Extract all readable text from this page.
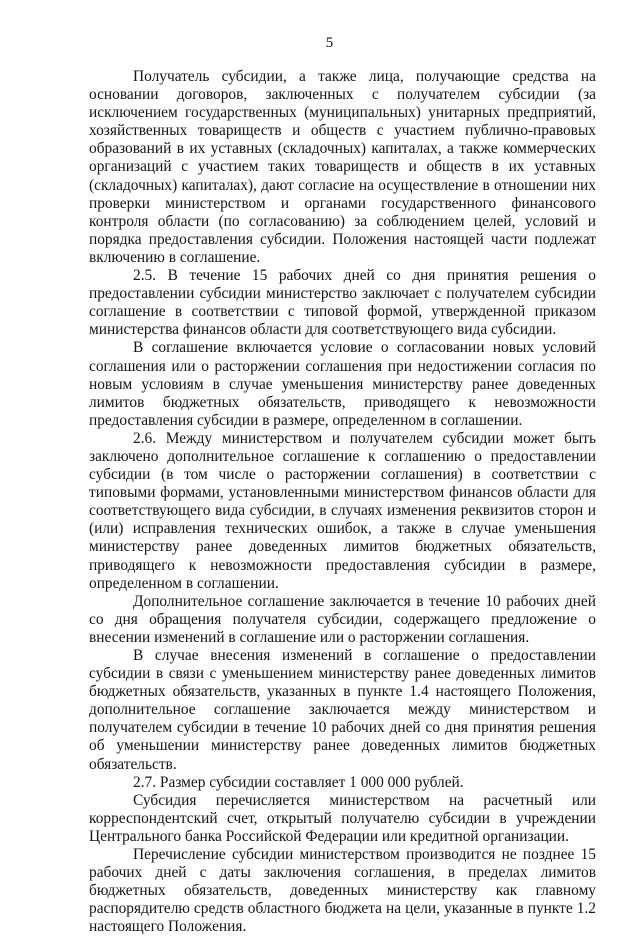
5

Получатель субсидии, а также лица, получающие средства на основании договоров, заключенных с получателем субсидии (за исключением государственных (муниципальных) унитарных предприятий, хозяйственных товариществ и обществ с участием публично-правовых образований в их уставных (складочных) капиталах, а также коммерческих организаций с участием таких товариществ и обществ в их уставных (складочных) капиталах), дают согласие на осуществление в отношении них проверки министерством и органами государственного финансового контроля области (по согласованию) за соблюдением целей, условий и порядка предоставления субсидии. Положения настоящей части подлежат включению в соглашение.

2.5. В течение 15 рабочих дней со дня принятия решения о предоставлении субсидии министерство заключает с получателем субсидии соглашение в соответствии с типовой формой, утвержденной приказом министерства финансов области для соответствующего вида субсидии.

В соглашение включается условие о согласовании новых условий соглашения или о расторжении соглашения при недостижении согласия по новым условиям в случае уменьшения министерству ранее доведенных лимитов бюджетных обязательств, приводящего к невозможности предоставления субсидии в размере, определенном в соглашении.

2.6. Между министерством и получателем субсидии может быть заключено дополнительное соглашение к соглашению о предоставлении субсидии (в том числе о расторжении соглашения) в соответствии с типовыми формами, установленными министерством финансов области для соответствующего вида субсидии, в случаях изменения реквизитов сторон и (или) исправления технических ошибок, а также в случае уменьшения министерству ранее доведенных лимитов бюджетных обязательств, приводящего к невозможности предоставления субсидии в размере, определенном в соглашении.

Дополнительное соглашение заключается в течение 10 рабочих дней со дня обращения получателя субсидии, содержащего предложение о внесении изменений в соглашение или о расторжении соглашения.

В случае внесения изменений в соглашение о предоставлении субсидии в связи с уменьшением министерству ранее доведенных лимитов бюджетных обязательств, указанных в пункте 1.4 настоящего Положения, дополнительное соглашение заключается между министерством и получателем субсидии в течение 10 рабочих дней со дня принятия решения об уменьшении министерству ранее доведенных лимитов бюджетных обязательств.

2.7. Размер субсидии составляет 1 000 000 рублей.

Субсидия перечисляется министерством на расчетный или корреспондентский счет, открытый получателю субсидии в учреждении Центрального банка Российской Федерации или кредитной организации.

Перечисление субсидии министерством производится не позднее 15 рабочих дней с даты заключения соглашения, в пределах лимитов бюджетных обязательств, доведенных министерству как главному распорядителю средств областного бюджета на цели, указанные в пункте 1.2 настоящего Положения.
